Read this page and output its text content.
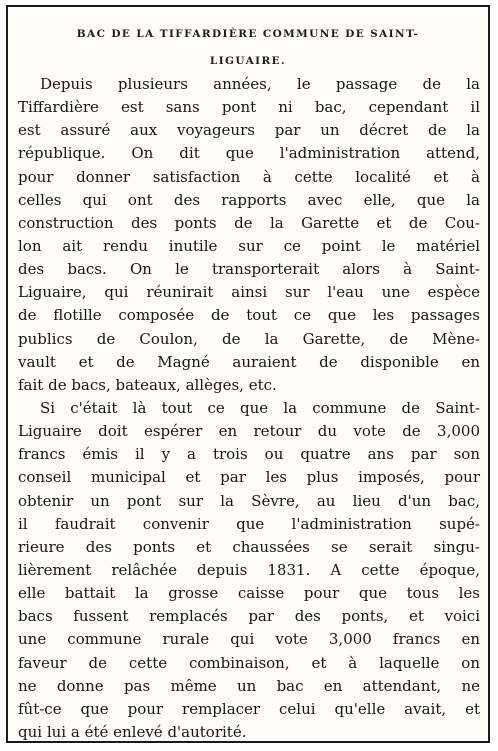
BAC DE LA TIFFARDIÈRE COMMUNE DE SAINT-
LIGUAIRE.
Depuis plusieurs années, le passage de la
Tiffardière est sans pont ni bac, cependant il
est assuré aux voyageurs par un décret de la
république. On dit que l'administration attend,
pour donner satisfaction à cette localité et à
celles qui ont des rapports avec elle, que la
construction des ponts de la Garette et de Cou-
lon ait rendu inutile sur ce point le matériel
des bacs. On le transporterait alors à Saint-
Liguaire, qui réunirait ainsi sur l'eau une espèce
de flotille composée de tout ce que les passages
publics de Coulon, de la Garette, de Mène-
vault et de Magné auraient de disponible en
fait de bacs, bateaux, allèges, etc.
Si c'était là tout ce que la commune de Saint-
Liguaire doit espérer en retour du vote de 3,000
francs émis il y a trois ou quatre ans par son
conseil municipal et par les plus imposés, pour
obtenir un pont sur la Sèvre, au lieu d'un bac,
il faudrait convenir que l'administration supé-
rieure des ponts et chaussées se serait singu-
lièrement relâchée depuis 1831. A cette époque,
elle battait la grosse caisse pour que tous les
bacs fussent remplacés par des ponts, et voici
une commune rurale qui vote 3,000 francs en
faveur de cette combinaison, et à laquelle on
ne donne pas même un bac en attendant, ne
fût-ce que pour remplacer celui qu'elle avait, et
qui lui a été enlevé d'autorité.
